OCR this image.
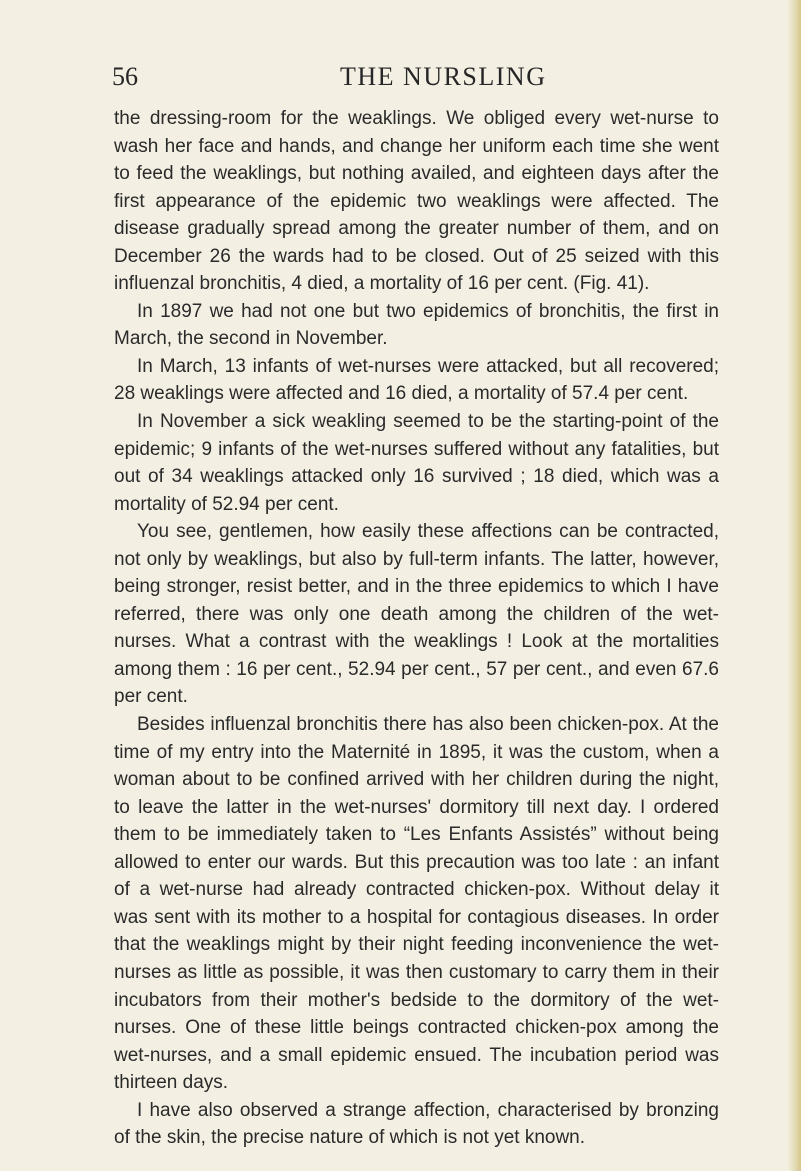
56	THE NURSLING

the dressing-room for the weaklings. We obliged every wet-nurse to wash her face and hands, and change her uniform each time she went to feed the weaklings, but nothing availed, and eighteen days after the first appearance of the epidemic two weaklings were affected. The disease gradually spread among the greater number of them, and on December 26 the wards had to be closed. Out of 25 seized with this influenzal bronchitis, 4 died, a mortality of 16 per cent. (Fig. 41).

In 1897 we had not one but two epidemics of bronchitis, the first in March, the second in November.

In March, 13 infants of wet-nurses were attacked, but all recovered; 28 weaklings were affected and 16 died, a mortality of 57.4 per cent.

In November a sick weakling seemed to be the starting-point of the epidemic; 9 infants of the wet-nurses suffered without any fatalities, but out of 34 weaklings attacked only 16 survived ; 18 died, which was a mortality of 52.94 per cent.

You see, gentlemen, how easily these affections can be contracted, not only by weaklings, but also by full-term infants. The latter, however, being stronger, resist better, and in the three epidemics to which I have referred, there was only one death among the children of the wet-nurses. What a contrast with the weaklings ! Look at the mortalities among them : 16 per cent., 52.94 per cent., 57 per cent., and even 67.6 per cent.

Besides influenzal bronchitis there has also been chicken-pox. At the time of my entry into the Maternité in 1895, it was the custom, when a woman about to be confined arrived with her children during the night, to leave the latter in the wet-nurses' dormitory till next day. I ordered them to be immediately taken to “Les Enfants Assistés” without being allowed to enter our wards. But this precaution was too late : an infant of a wet-nurse had already contracted chicken-pox. Without delay it was sent with its mother to a hospital for contagious diseases. In order that the weaklings might by their night feeding inconvenience the wet-nurses as little as possible, it was then customary to carry them in their incubators from their mother's bedside to the dormitory of the wet-nurses. One of these little beings contracted chicken-pox among the wet-nurses, and a small epidemic ensued. The incubation period was thirteen days.

I have also observed a strange affection, characterised by bronzing of the skin, the precise nature of which is not yet known.
